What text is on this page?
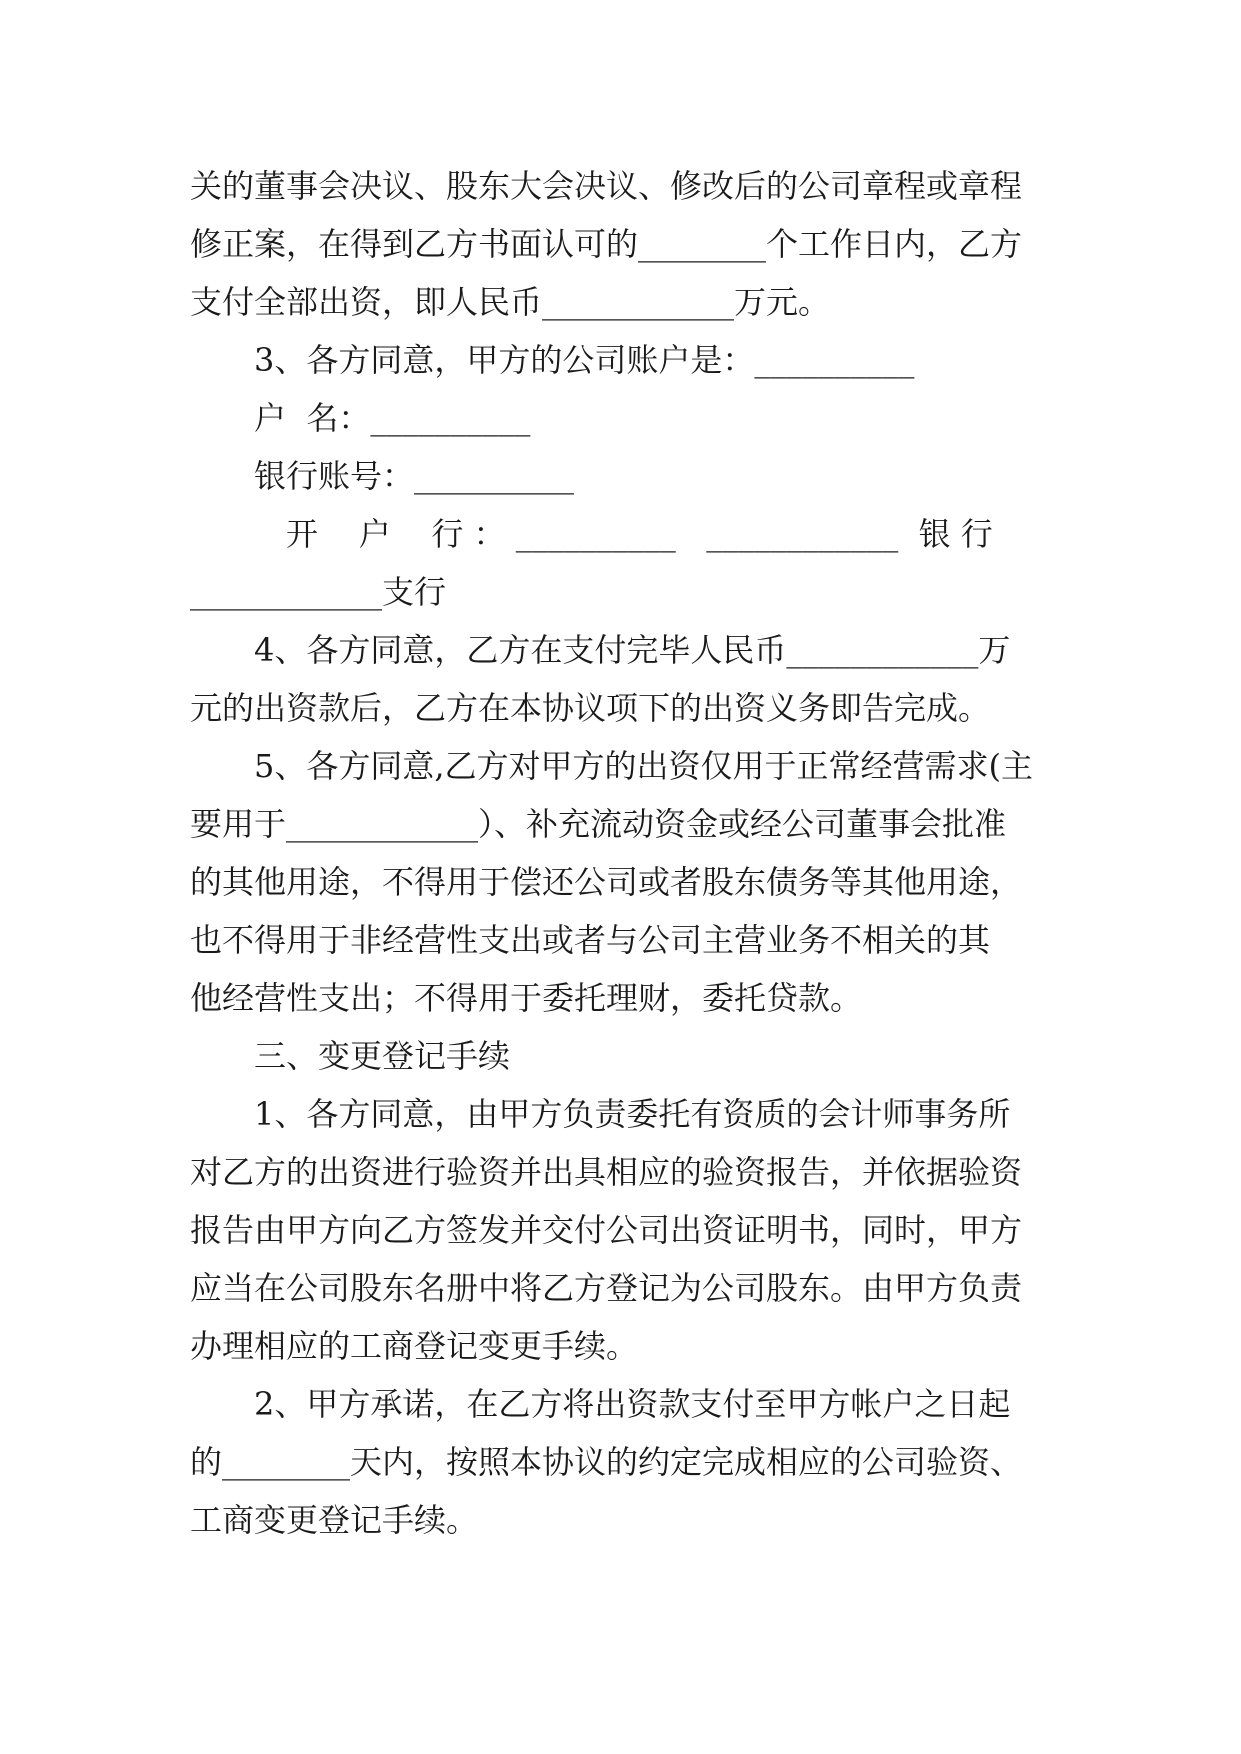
关的董事会决议、股东大会决议、修改后的公司章程或章程
修正案，在得到乙方书面认可的________个工作日内，乙方
支付全部出资，即人民币____________万元。
3、各方同意，甲方的公司账户是：__________
户  名：__________
银行账号：__________
开    户    行 ： __________   ____________  银 行
____________支行
4、各方同意，乙方在支付完毕人民币____________万
元的出资款后，乙方在本协议项下的出资义务即告完成。
5、各方同意,乙方对甲方的出资仅用于正常经营需求(主
要用于____________）、补充流动资金或经公司董事会批准
的其他用途，不得用于偿还公司或者股东债务等其他用途，
也不得用于非经营性支出或者与公司主营业务不相关的其
他经营性支出；不得用于委托理财，委托贷款。
三、变更登记手续
1、各方同意，由甲方负责委托有资质的会计师事务所
对乙方的出资进行验资并出具相应的验资报告，并依据验资
报告由甲方向乙方签发并交付公司出资证明书，同时，甲方
应当在公司股东名册中将乙方登记为公司股东。由甲方负责
办理相应的工商登记变更手续。
2、甲方承诺，在乙方将出资款支付至甲方帐户之日起
的________天内，按照本协议的约定完成相应的公司验资、
工商变更登记手续。
